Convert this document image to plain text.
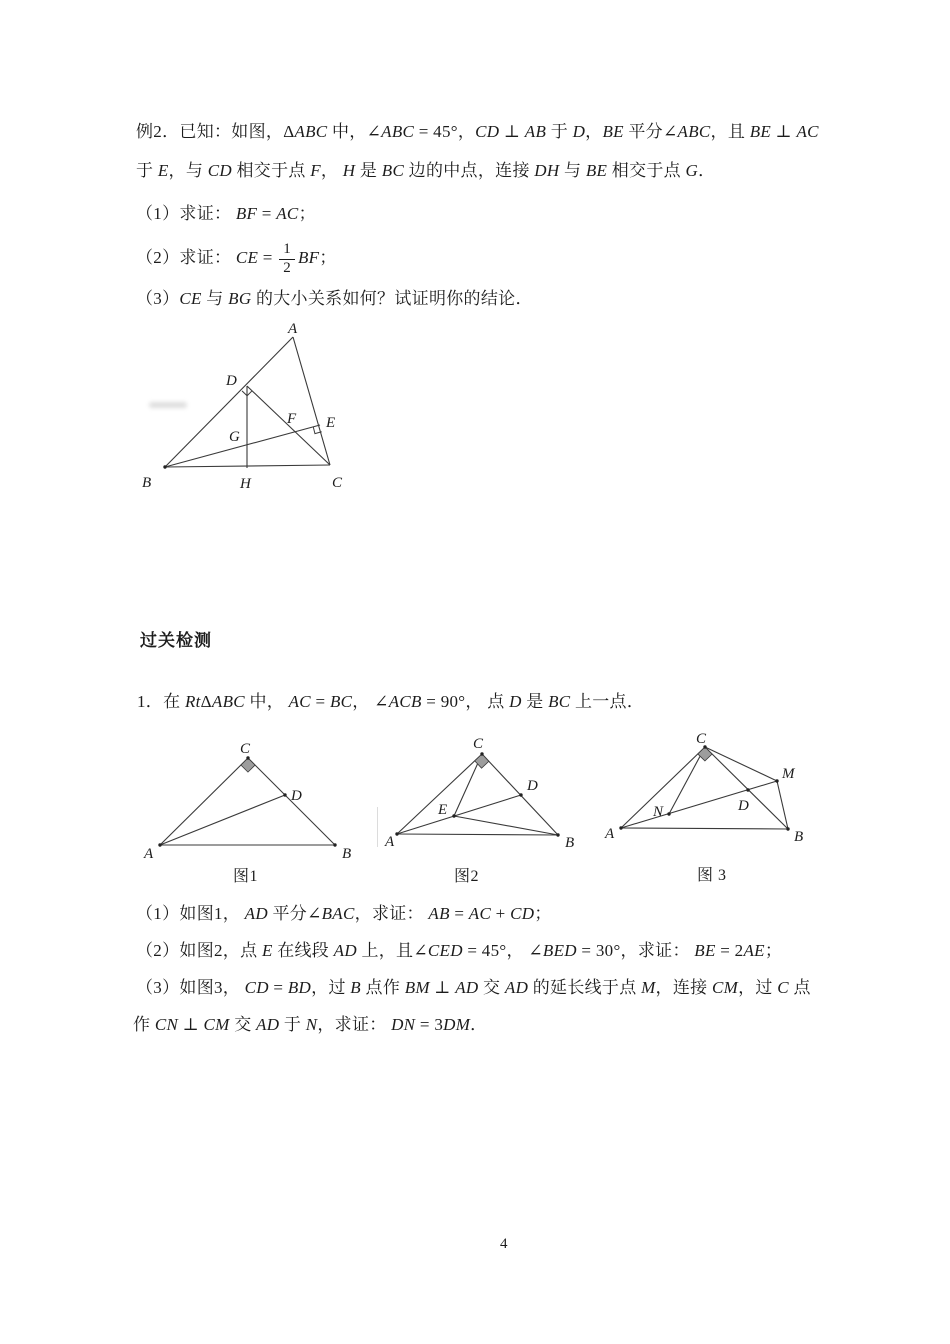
例2．已知：如图，ΔABC 中，∠ABC = 45°，CD ⊥ AB 于 D，BE 平分∠ABC，且 BE ⊥ AC
于 E，与 CD 相交于点 F， H 是 BC 边的中点，连接 DH 与 BE 相交于点 G．
（1）求证： BF = AC；
（2）求证： CE = $\frac{1}{2}$ BF；
（3）CE 与 BG 的大小关系如何？试证明你的结论．
A
D
F E
G
B	H	C
过关检测
1．在 RtΔABC 中， AC = BC， ∠ACB = 90°， 点 D 是 BC 上一点．
C
D
A	B
C
D
E
A	B
C
M
D
N
A	B
图1	图2	图 3
（1）如图1， AD 平分∠BAC，求证： AB = AC + CD；
（2）如图2，点 E 在线段 AD 上，且∠CED = 45°， ∠BED = 30°，求证： BE = 2AE；
（3）如图3， CD = BD，过 B 点作 BM ⊥ AD 交 AD 的延长线于点 M，连接 CM，过 C 点
作 CN ⊥ CM 交 AD 于 N，求证： DN = 3DM．
4
